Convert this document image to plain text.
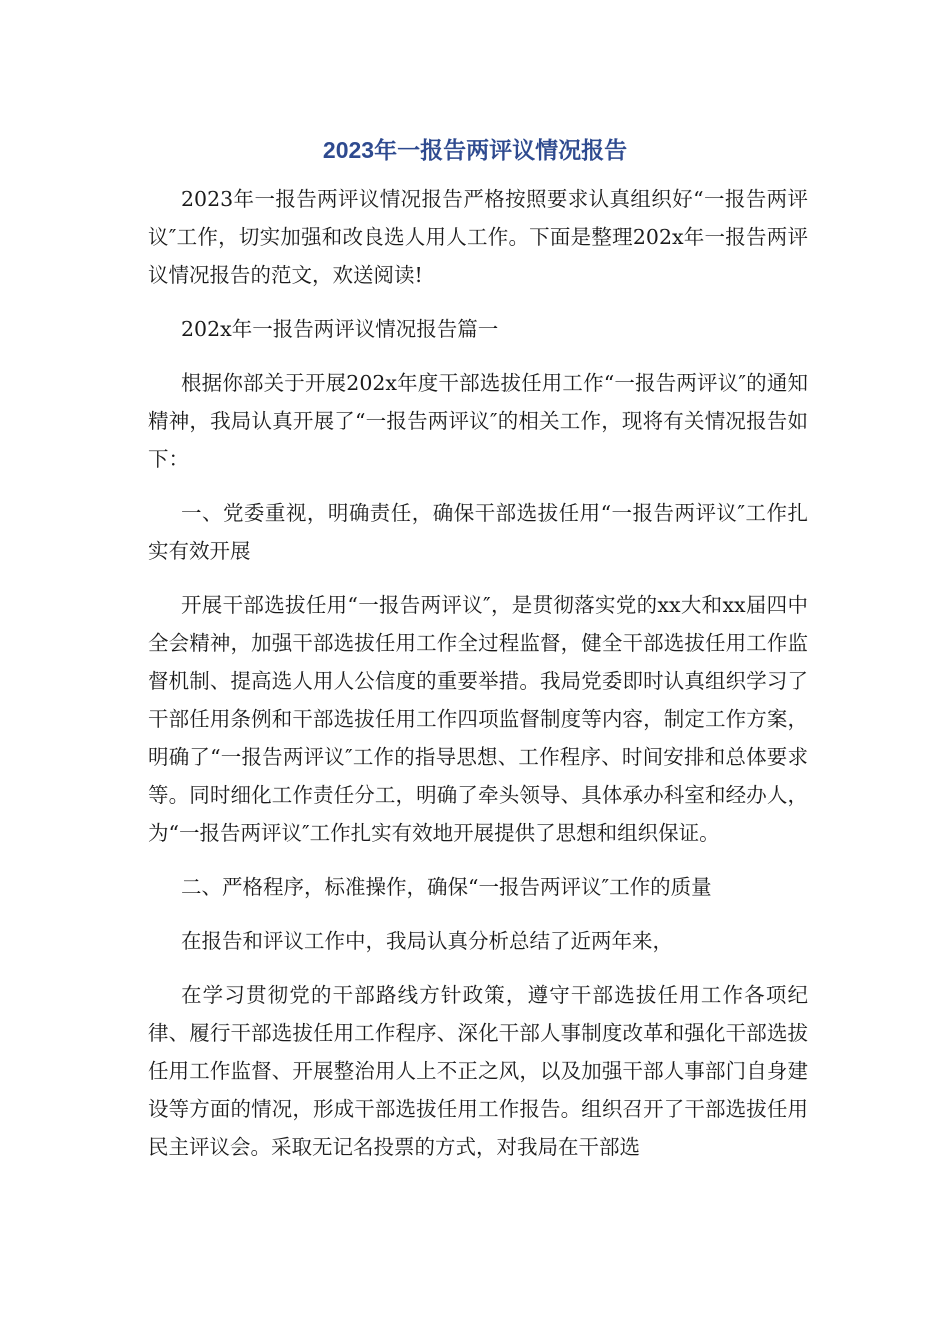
2023年一报告两评议情况报告

2023年一报告两评议情况报告严格按照要求认真组织好“一报告两评议″工作，切实加强和改良选人用人工作。下面是整理202x年一报告两评议情况报告的范文，欢送阅读!

202x年一报告两评议情况报告篇一

根据你部关于开展202x年度干部选拔任用工作“一报告两评议″的通知精神，我局认真开展了“一报告两评议″的相关工作，现将有关情况报告如下：

一、党委重视，明确责任，确保干部选拔任用“一报告两评议″工作扎实有效开展

开展干部选拔任用“一报告两评议″，是贯彻落实党的xx大和xx届四中全会精神，加强干部选拔任用工作全过程监督，健全干部选拔任用工作监督机制、提高选人用人公信度的重要举措。我局党委即时认真组织学习了干部任用条例和干部选拔任用工作四项监督制度等内容，制定工作方案，明确了“一报告两评议″工作的指导思想、工作程序、时间安排和总体要求等。同时细化工作责任分工，明确了牵头领导、具体承办科室和经办人，为“一报告两评议″工作扎实有效地开展提供了思想和组织保证。

二、严格程序，标准操作，确保“一报告两评议″工作的质量

在报告和评议工作中，我局认真分析总结了近两年来，

在学习贯彻党的干部路线方针政策，遵守干部选拔任用工作各项纪律、履行干部选拔任用工作程序、深化干部人事制度改革和强化干部选拔任用工作监督、开展整治用人上不正之风，以及加强干部人事部门自身建设等方面的情况，形成干部选拔任用工作报告。组织召开了干部选拔任用民主评议会。采取无记名投票的方式，对我局在干部选
